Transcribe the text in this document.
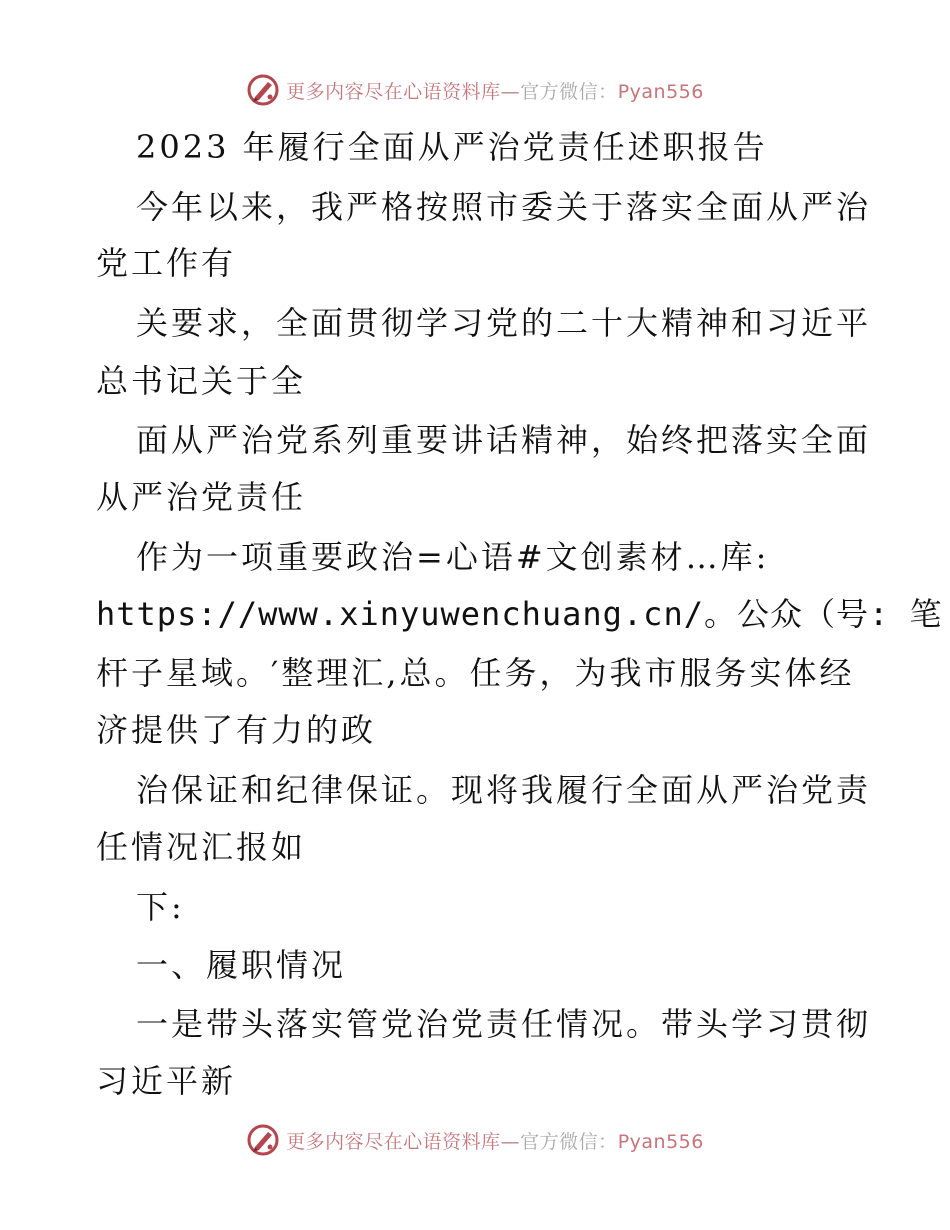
更多内容尽在心语资料库—官方微信：Pyan556
2023 年履行全面从严治党责任述职报告
今年以来，我严格按照市委关于落实全面从严治
党工作有
关要求，全面贯彻学习党的二十大精神和习近平
总书记关于全
面从严治党系列重要讲话精神，始终把落实全面
从严治党责任
作为一项重要政治=心语#文创素材…库:
https://www.xinyuwenchuang.cn/。公众（号: 笔
杆子星域。′整理汇,总。任务，为我市服务实体经
济提供了有力的政
治保证和纪律保证。现将我履行全面从严治党责
任情况汇报如
下:
一、履职情况
一是带头落实管党治党责任情况。带头学习贯彻
习近平新
更多内容尽在心语资料库—官方微信：Pyan556
